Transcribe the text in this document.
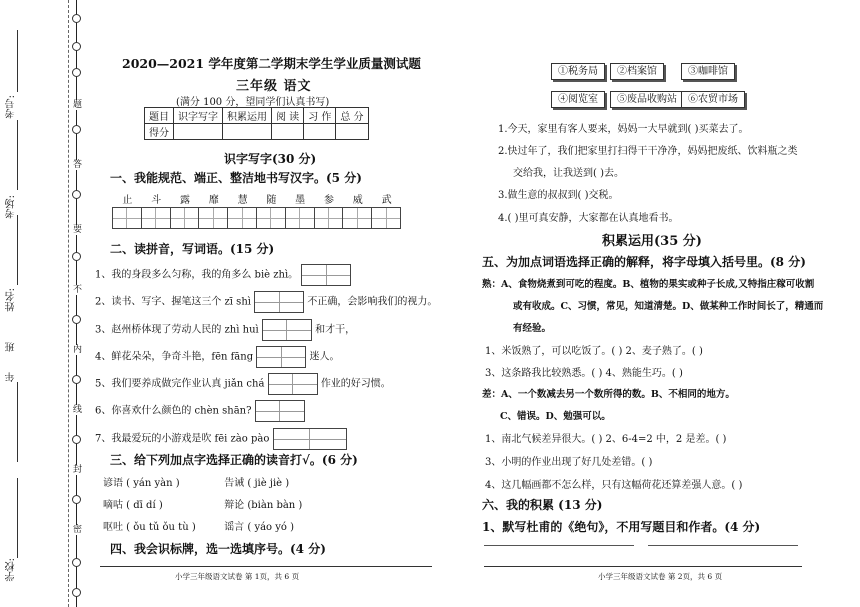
学校:
年
班
姓名:
考场:
考号:	题
答
要
不
内
线
封
密
2020—2021 学年度第二学期末学生学业质量测试题
三年级 语文
(满分 100 分，望同学们认真书写)
题目	识字写字	积累运用	阅 读	习 作	总 分
得分					
识字写字(30 分)
一、我能规范、端正、整洁地书写汉字。(5 分)
止	斗	露	靡	慧	随	墨	参	威	武
二、读拼音，写词语。(15 分)
1、我的身段多么匀称，我的角多么 biè zhì。
2、读书、写字、握笔这三个 zī shì	不正确，会影响我们的视力。
3、赵州桥体现了劳动人民的 zhì huì	和才干，
4、鲜花朵朵，争奇斗艳，fēn fāng	迷人。
5、我们要养成做完作业认真 jiǎn chá	作业的好习惯。
6、你喜欢什么颜色的 chèn shān?
7、我最爱玩的小游戏是吹 fēi zào pào
三、给下列加点字选择正确的读音打√。(6 分)
谚语 ( yán yàn )	告诫 ( jiè jiè )
嘀咕 ( dī dí )	辩论 (biàn bàn )
呕吐 ( ǒu tǔ ǒu tù )	谣言 ( yáo yó )
四、我会识标牌，选一选填序号。(4 分)
小学三年级语文试卷 第 1页，共 6 页
①税务局	②档案馆	③咖啡馆
④阅览室	⑤废品收购站	⑥农贸市场
1.今天，家里有客人要来，妈妈一大早就到( )买菜去了。
2.快过年了，我们把家里打扫得干干净净，妈妈把废纸、饮料瓶之类
交给我，让我送到( )去。
3.做生意的叔叔到( )交税。
4.( )里可真安静，大家都在认真地看书。
积累运用(35 分)
五、为加点词语选择正确的解释，将字母填入括号里。(8 分)
熟：A、食物烧煮到可吃的程度。B、植物的果实或种子长成,又特指庄稼可收割
或有收成。C、习惯，常见，知道清楚。D、做某种工作时间长了，精通而
有经验。
1、米饭熟了，可以吃饭了。( ) 2、麦子熟了。( )
3、这条路我比较熟悉。( ) 4、熟能生巧。( )
差：A、一个数减去另一个数所得的数。B、不相同的地方。
C、错误。D、勉强可以。
1、南北气候差异很大。( ) 2、6-4=2 中，2 是差。( )
3、小明的作业出现了好几处差错。( )
4、这几幅画都不怎么样，只有这幅荷花还算差强人意。( )
六、我的积累 (13 分)
1、默写杜甫的《绝句》，不用写题目和作者。(4 分)
小学三年级语文试卷 第 2页，共 6 页
